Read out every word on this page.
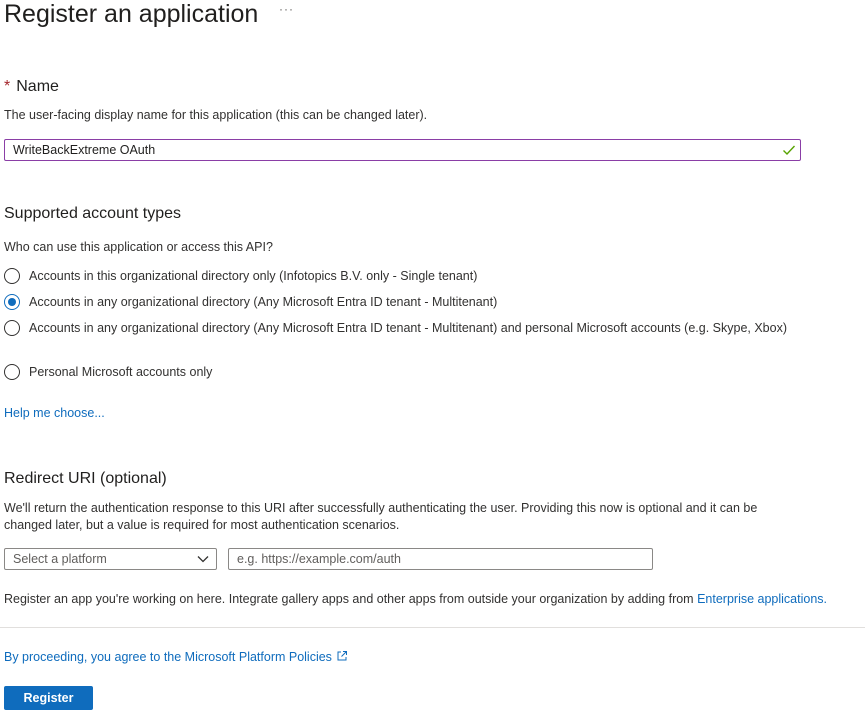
Register an application ···
* Name
The user-facing display name for this application (this can be changed later).
WriteBackExtreme OAuth
Supported account types
Who can use this application or access this API?
Accounts in this organizational directory only (Infotopics B.V. only - Single tenant)
Accounts in any organizational directory (Any Microsoft Entra ID tenant - Multitenant)
Accounts in any organizational directory (Any Microsoft Entra ID tenant - Multitenant) and personal Microsoft accounts (e.g. Skype, Xbox)
Personal Microsoft accounts only
Help me choose...
Redirect URI (optional)
We'll return the authentication response to this URI after successfully authenticating the user. Providing this now is optional and it can be changed later, but a value is required for most authentication scenarios.
Select a platform
e.g. https://example.com/auth
Register an app you're working on here. Integrate gallery apps and other apps from outside your organization by adding from Enterprise applications.
By proceeding, you agree to the Microsoft Platform Policies
Register
